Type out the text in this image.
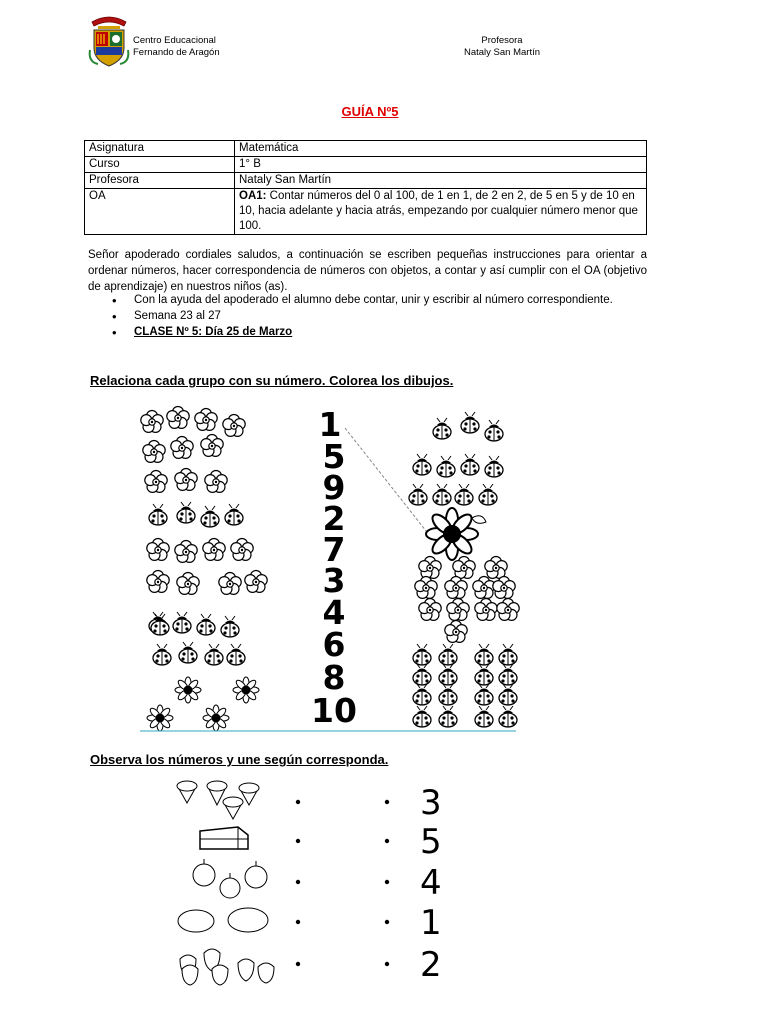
Centro Educacional
Fernando de Aragón
Profesora
Nataly San Martín
GUÍA Nº5
Asignatura	Matemática
Curso	1° B
Profesora	Nataly San Martín
OA	OA1: Contar números del 0 al 100, de 1 en 1, de 2 en 2, de 5 en 5 y de 10 en 10, hacia adelante y hacia atrás, empezando por cualquier número menor que 100.
Señor apoderado cordiales saludos, a continuación se escriben pequeñas instrucciones para orientar a ordenar números, hacer correspondencia de números con objetos, a contar y así cumplir con el OA (objetivo de aprendizaje) en nuestros niños (as).
• Con la ayuda del apoderado el alumno debe contar, unir y escribir al número correspondiente.
• Semana 23 al 27
• CLASE Nº 5: Día 25 de Marzo
Relaciona cada grupo con su número. Colorea los dibujos.
1
5
9
2
7
3
4
6
8
10
Observa los números y une según corresponda.
3
5
4
1
2
